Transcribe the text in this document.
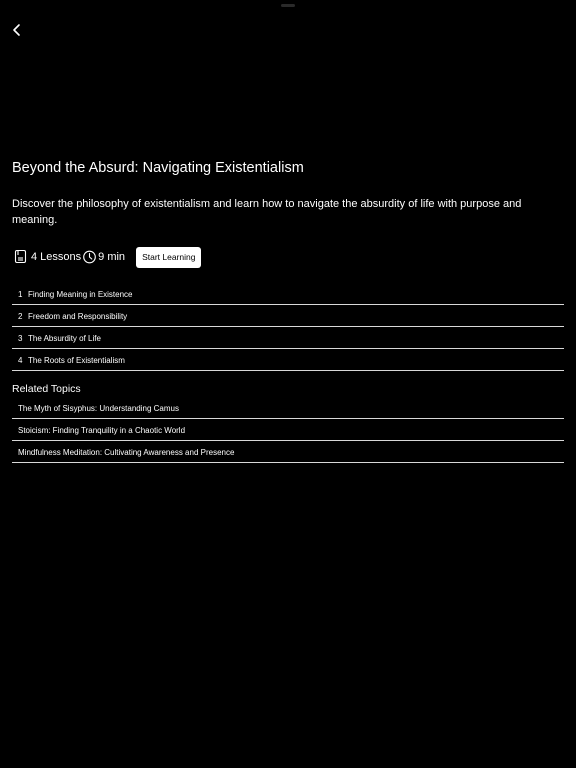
Beyond the Absurd: Navigating Existentialism

Discover the philosophy of existentialism and learn how to navigate the absurdity of life with purpose and meaning.

4 Lessons 9 min	Start Learning
1 Finding Meaning in Existence
2 Freedom and Responsibility
3 The Absurdity of Life
4 The Roots of Existentialism
Related Topics
The Myth of Sisyphus: Understanding Camus
Stoicism: Finding Tranquility in a Chaotic World
Mindfulness Meditation: Cultivating Awareness and Presence
